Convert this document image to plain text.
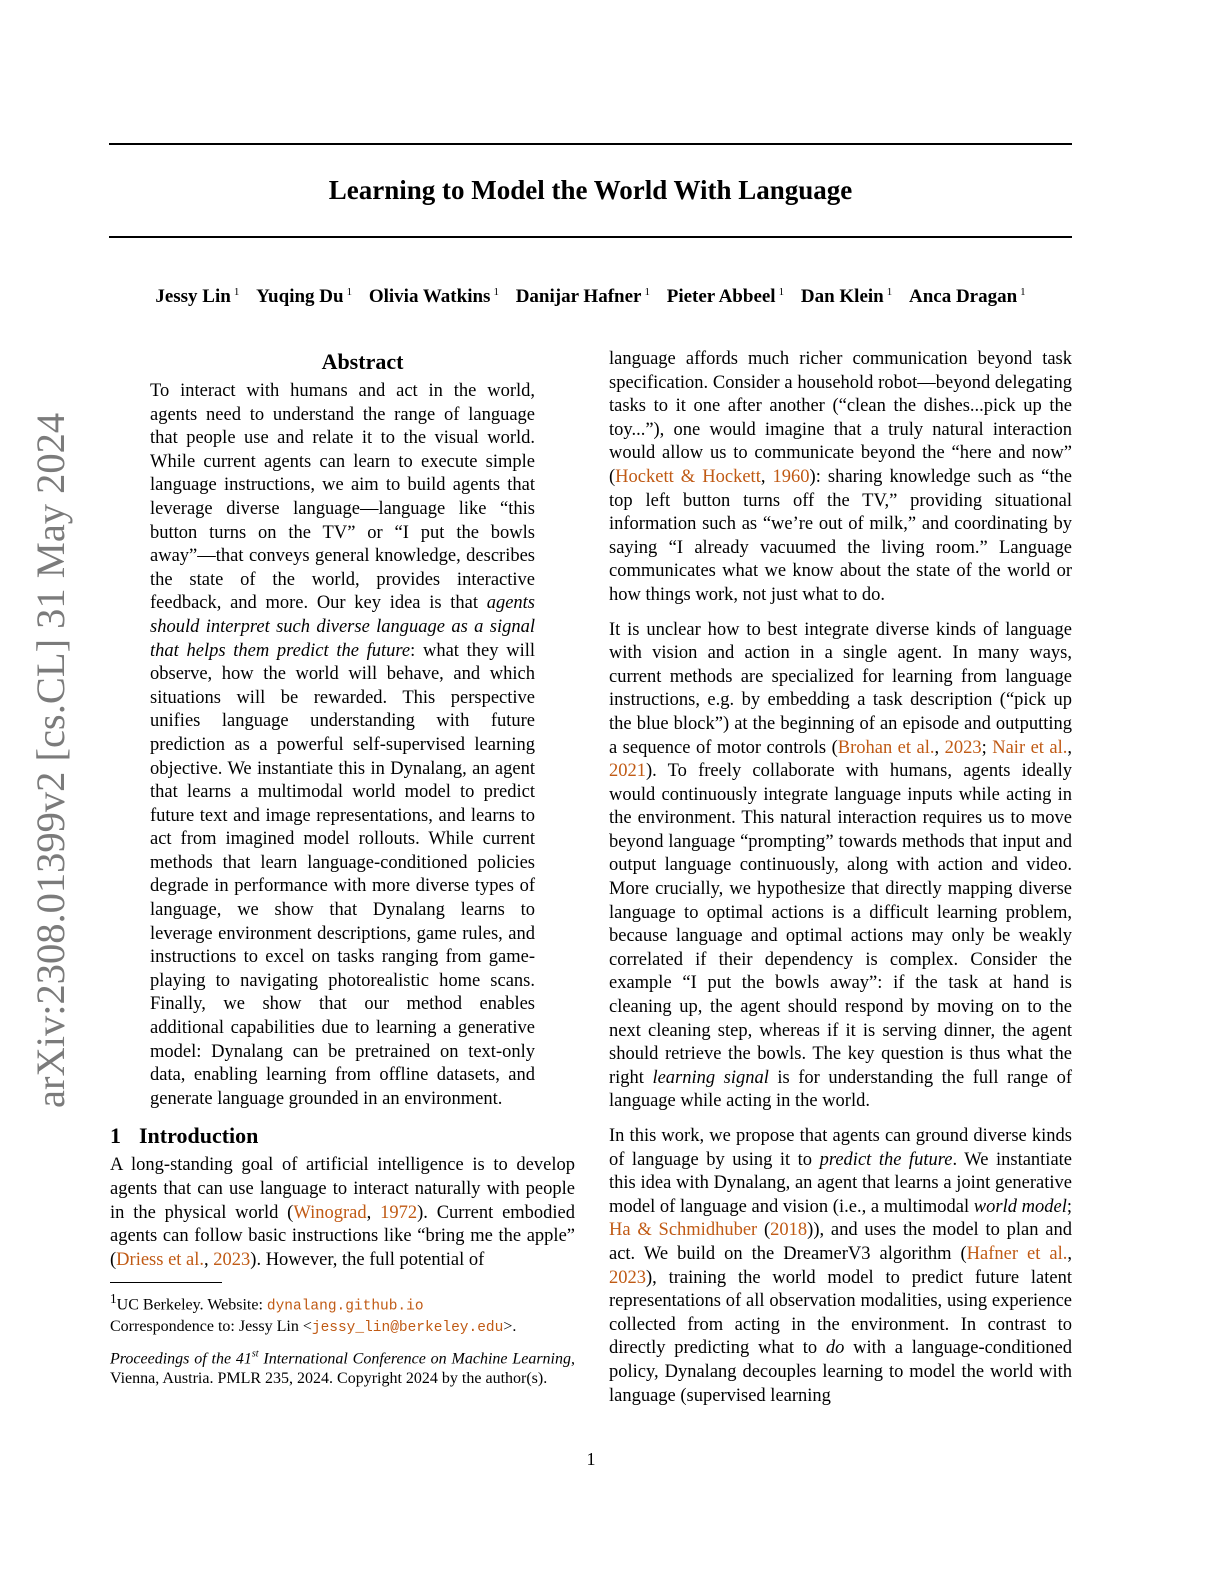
Learning to Model the World With Language
Jessy Lin $^1$ Yuqing Du $^1$ Olivia Watkins $^1$ Danijar Hafner $^1$ Pieter Abbeel $^1$ Dan Klein $^1$ Anca Dragan $^1$
arXiv:2308.01399v2 [cs.CL] 31 May 2024
Abstract

To interact with humans and act in the world, agents need to understand the range of language that people use and relate it to the visual world. While current agents can learn to execute simple language instructions, we aim to build agents that leverage diverse language—language like “this button turns on the TV” or “I put the bowls away”—that conveys general knowledge, describes the state of the world, provides interactive feedback, and more. Our key idea is that agents should interpret such diverse language as a signal that helps them predict the future: what they will observe, how the world will behave, and which situations will be rewarded. This perspective unifies language understanding with future prediction as a powerful self-supervised learning objective. We instantiate this in Dynalang, an agent that learns a multimodal world model to predict future text and image representations, and learns to act from imagined model rollouts. While current methods that learn language-conditioned policies degrade in performance with more diverse types of language, we show that Dynalang learns to leverage environment descriptions, game rules, and instructions to excel on tasks ranging from game-playing to navigating photorealistic home scans. Finally, we show that our method enables additional capabilities due to learning a generative model: Dynalang can be pretrained on text-only data, enabling learning from offline datasets, and generate language grounded in an environment.

1 Introduction

A long-standing goal of artificial intelligence is to develop agents that can use language to interact naturally with people in the physical world (Winograd, 1972). Current embodied agents can follow basic instructions like “bring me the apple” (Driess et al., 2023). However, the full potential of

$^1$UC Berkeley. Website: dynalang.github.io

Correspondence to: Jessy Lin <jessy_lin@berkeley.edu>.

Proceedings of the 41st International Conference on Machine Learning, Vienna, Austria. PMLR 235, 2024. Copyright 2024 by the author(s).

language affords much richer communication beyond task specification. Consider a household robot—beyond delegating tasks to it one after another (“clean the dishes...pick up the toy...”), one would imagine that a truly natural interaction would allow us to communicate beyond the “here and now” (Hockett & Hockett, 1960): sharing knowledge such as “the top left button turns off the TV,” providing situational information such as “we’re out of milk,” and coordinating by saying “I already vacuumed the living room.” Language communicates what we know about the state of the world or how things work, not just what to do.

It is unclear how to best integrate diverse kinds of language with vision and action in a single agent. In many ways, current methods are specialized for learning from language instructions, e.g. by embedding a task description (“pick up the blue block”) at the beginning of an episode and outputting a sequence of motor controls (Brohan et al., 2023; Nair et al., 2021). To freely collaborate with humans, agents ideally would continuously integrate language inputs while acting in the environment. This natural interaction requires us to move beyond language “prompting” towards methods that input and output language continuously, along with action and video. More crucially, we hypothesize that directly mapping diverse language to optimal actions is a difficult learning problem, because language and optimal actions may only be weakly correlated if their dependency is complex. Consider the example “I put the bowls away”: if the task at hand is cleaning up, the agent should respond by moving on to the next cleaning step, whereas if it is serving dinner, the agent should retrieve the bowls. The key question is thus what the right learning signal is for understanding the full range of language while acting in the world.

In this work, we propose that agents can ground diverse kinds of language by using it to predict the future. We instantiate this idea with Dynalang, an agent that learns a joint generative model of language and vision (i.e., a multimodal world model; Ha & Schmidhuber (2018)), and uses the model to plan and act. We build on the DreamerV3 algorithm (Hafner et al., 2023), training the world model to predict future latent representations of all observation modalities, using experience collected from acting in the environment. In contrast to directly predicting what to do with a language-conditioned policy, Dynalang decouples learning to model the world with language (supervised learning

1
